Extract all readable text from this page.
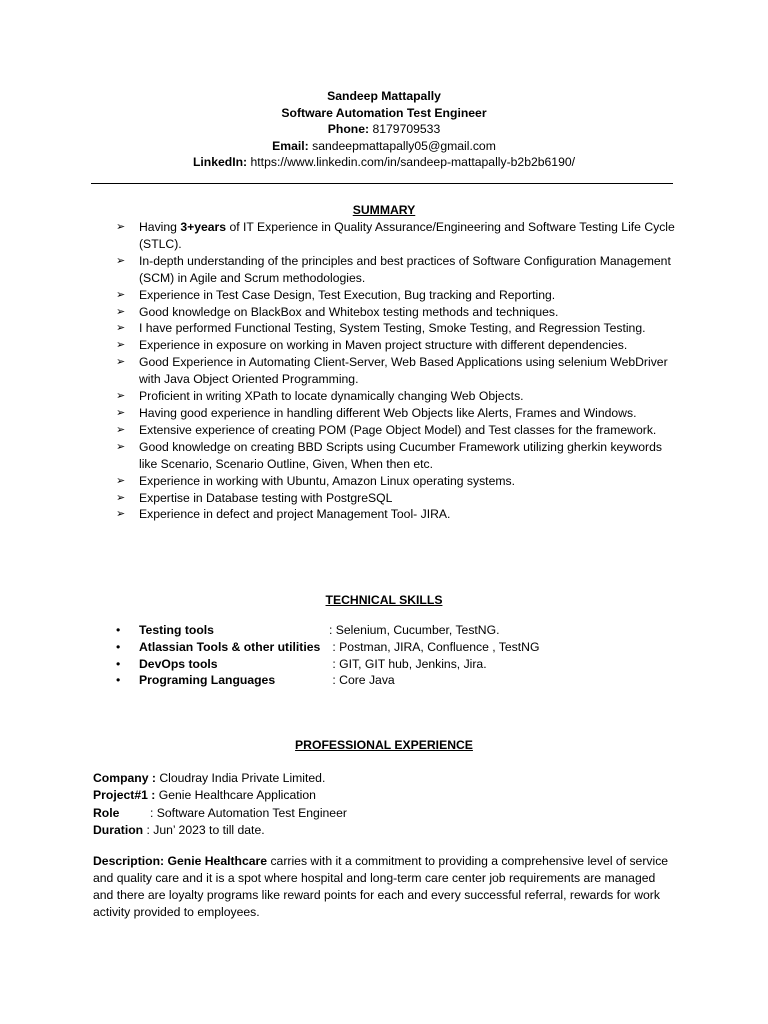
Sandeep Mattapally
Software Automation Test Engineer
Phone: 8179709533
Email: sandeepmattapally05@gmail.com
LinkedIn: https://www.linkedin.com/in/sandeep-mattapally-b2b2b6190/
SUMMARY
➢ Having 3+years of IT Experience in Quality Assurance/Engineering and Software Testing Life Cycle (STLC).
➢ In-depth understanding of the principles and best practices of Software Configuration Management (SCM) in Agile and Scrum methodologies.
➢ Experience in Test Case Design, Test Execution, Bug tracking and Reporting.
➢ Good knowledge on BlackBox and Whitebox testing methods and techniques.
➢ I have performed Functional Testing, System Testing, Smoke Testing, and Regression Testing.
➢ Experience in exposure on working in Maven project structure with different dependencies.
➢ Good Experience in Automating Client-Server, Web Based Applications using selenium WebDriver with Java Object Oriented Programming.
➢ Proficient in writing XPath to locate dynamically changing Web Objects.
➢ Having good experience in handling different Web Objects like Alerts, Frames and Windows.
➢ Extensive experience of creating POM (Page Object Model) and Test classes for the framework.
➢ Good knowledge on creating BBD Scripts using Cucumber Framework utilizing gherkin keywords like Scenario, Scenario Outline, Given, When then etc.
➢ Experience in working with Ubuntu, Amazon Linux operating systems.
➢ Expertise in Database testing with PostgreSQL
➢ Experience in defect and project Management Tool- JIRA.
TECHNICAL SKILLS
• Testing tools	: Selenium, Cucumber, TestNG.
• Atlassian Tools & other utilities : Postman, JIRA, Confluence , TestNG
• DevOps tools	: GIT, GIT hub, Jenkins, Jira.
• Programing Languages	: Core Java
PROFESSIONAL EXPERIENCE
Company : Cloudray India Private Limited.
Project#1 : Genie Healthcare Application
Role	: Software Automation Test Engineer
Duration : Jun’ 2023 to till date.
Description: Genie Healthcare carries with it a commitment to providing a comprehensive level of service and quality care and it is a spot where hospital and long-term care center job requirements are managed and there are loyalty programs like reward points for each and every successful referral, rewards for work activity provided to employees.
